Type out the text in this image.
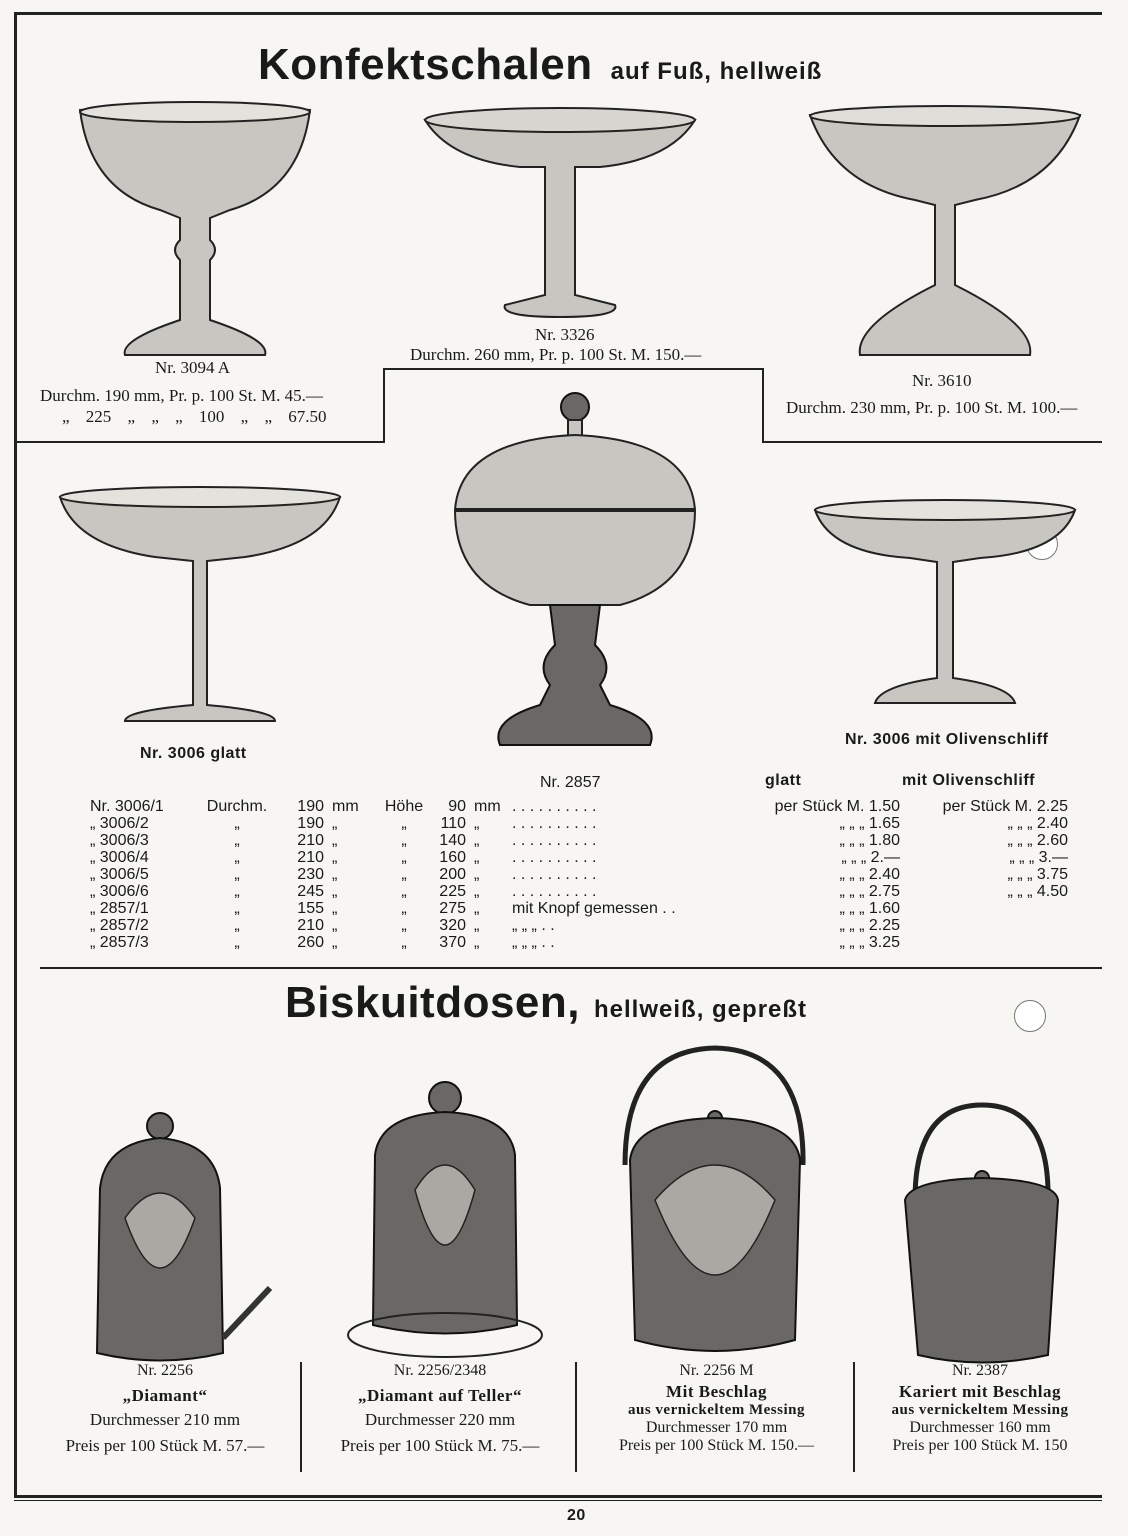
Konfektschalen auf Fuß, hellweiß
Nr. 3094 A
Durchm. 190 mm, Pr. p. 100 St. M. 45.—
„ 225 „ „ „ 100 „ „ 67.50
Nr. 3326
Durchm. 260 mm, Pr. p. 100 St. M. 150.—
Nr. 3610
Durchm. 230 mm, Pr. p. 100 St. M. 100.—
Nr. 3006 glatt
Nr. 2857
Nr. 3006 mit Olivenschliff
glatt	mit Olivenschliff
Nr. 3006/1	Durchm.	190	mm	Höhe	90	mm	. . . . . . . . . .	per Stück M. 1.50	per Stück M. 2.25
„ 3006/2	„	190	„	„	110	„	. . . . . . . . . .	„ „ „ 1.65	„ „ „ 2.40
„ 3006/3	„	210	„	„	140	„	. . . . . . . . . .	„ „ „ 1.80	„ „ „ 2.60
„ 3006/4	„	210	„	„	160	„	. . . . . . . . . .	„ „ „ 2.—	„ „ „ 3.—
„ 3006/5	„	230	„	„	200	„	. . . . . . . . . .	„ „ „ 2.40	„ „ „ 3.75
„ 3006/6	„	245	„	„	225	„	. . . . . . . . . .	„ „ „ 2.75	„ „ „ 4.50
„ 2857/1	„	155	„	„	275	„	mit Knopf gemessen . .	„ „ „ 1.60	
„ 2857/2	„	210	„	„	320	„	„ „ „ . .	„ „ „ 2.25	
„ 2857/3	„	260	„	„	370	„	„ „ „ . .	„ „ „ 3.25	
Biskuitdosen, hellweiß, gepreßt
Nr. 2256
„Diamant“
Durchmesser 210 mm
Preis per 100 Stück M. 57.—
Nr. 2256/2348
„Diamant auf Teller“
Durchmesser 220 mm
Preis per 100 Stück M. 75.—
Nr. 2256 M
Mit Beschlag
aus vernickeltem Messing
Durchmesser 170 mm
Preis per 100 Stück M. 150.—
Nr. 2387
Kariert mit Beschlag
aus vernickeltem Messing
Durchmesser 160 mm
Preis per 100 Stück M. 150
20
